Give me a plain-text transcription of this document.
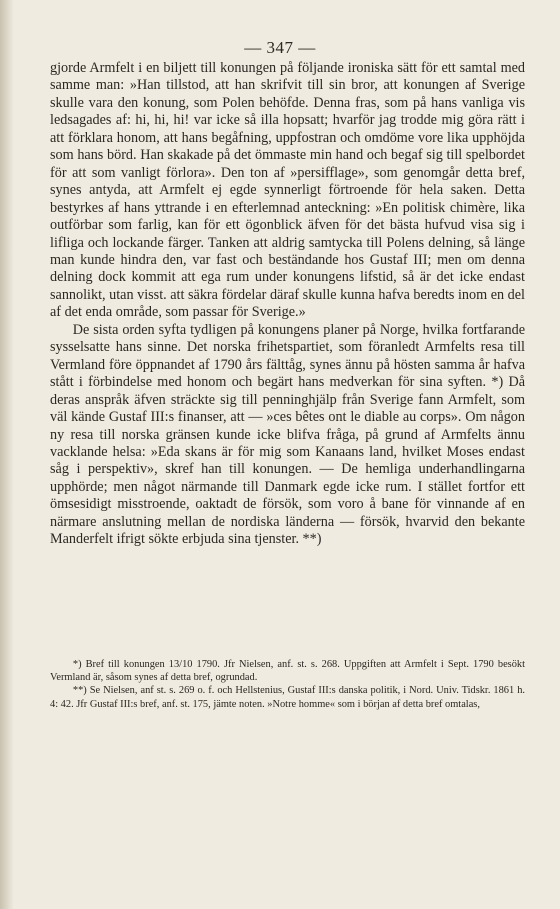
— 347 —

gjorde Armfelt i en biljett till konungen på följande ironiska sätt för ett samtal med samme man: »Han tillstod, att han skrifvit till sin bror, att konungen af Sverige skulle vara den konung, som Polen behöfde. Denna fras, som på hans vanliga vis ledsagades af: hi, hi, hi! var icke så illa hopsatt; hvarför jag trodde mig göra rätt i att förklara honom, att hans begåfning, uppfostran och omdöme vore lika upphöjda som hans börd. Han skakade på det ömmaste min hand och begaf sig till spelbordet för att som vanligt förlora». Den ton af »persifflage», som genomgår detta bref, synes antyda, att Armfelt ej egde synnerligt förtroende för hela saken. Detta bestyrkes af hans yttrande i en efterlemnad anteckning: »En politisk chimère, lika outförbar som farlig, kan för ett ögonblick äfven för det bästa hufvud visa sig i lifliga och lockande färger. Tanken att aldrig samtycka till Polens delning, så länge man kunde hindra den, var fast och beständande hos Gustaf III; men om denna delning dock kommit att ega rum under konungens lifstid, så är det icke endast sannolikt, utan visst. att säkra fördelar däraf skulle kunna hafva beredts inom en del af det enda område, som passar för Sverige.»

De sista orden syfta tydligen på konungens planer på Norge, hvilka fortfarande sysselsatte hans sinne. Det norska frihetspartiet, som föranledt Armfelts resa till Vermland före öppnandet af 1790 års fälttåg, synes ännu på hösten samma år hafva stått i förbindelse med honom och begärt hans medverkan för sina syften. *) Då deras anspråk äfven sträckte sig till penninghjälp från Sverige fann Armfelt, som väl kände Gustaf III:s finanser, att — »ces bêtes ont le diable au corps». Om någon ny resa till norska gränsen kunde icke blifva fråga, på grund af Armfelts ännu vacklande helsa: »Eda skans är för mig som Kanaans land, hvilket Moses endast såg i perspektiv», skref han till konungen. — De hemliga underhandlingarna upphörde; men något närmande till Danmark egde icke rum. I stället fortfor ett ömsesidigt misstroende, oaktadt de försök, som voro å bane för vinnande af en närmare anslutning mellan de nordiska länderna — försök, hvarvid den bekante Manderfelt ifrigt sökte erbjuda sina tjenster. **)

*) Bref till konungen 13/10 1790. Jfr Nielsen, anf. st. s. 268. Uppgiften att Armfelt i Sept. 1790 besökt Vermland är, såsom synes af detta bref, ogrundad.

**) Se Nielsen, anf st. s. 269 o. f. och Hellstenius, Gustaf III:s danska politik, i Nord. Univ. Tidskr. 1861 h. 4: 42. Jfr Gustaf III:s bref, anf. st. 175, jämte noten. »Notre homme« som i början af detta bref omtalas,
